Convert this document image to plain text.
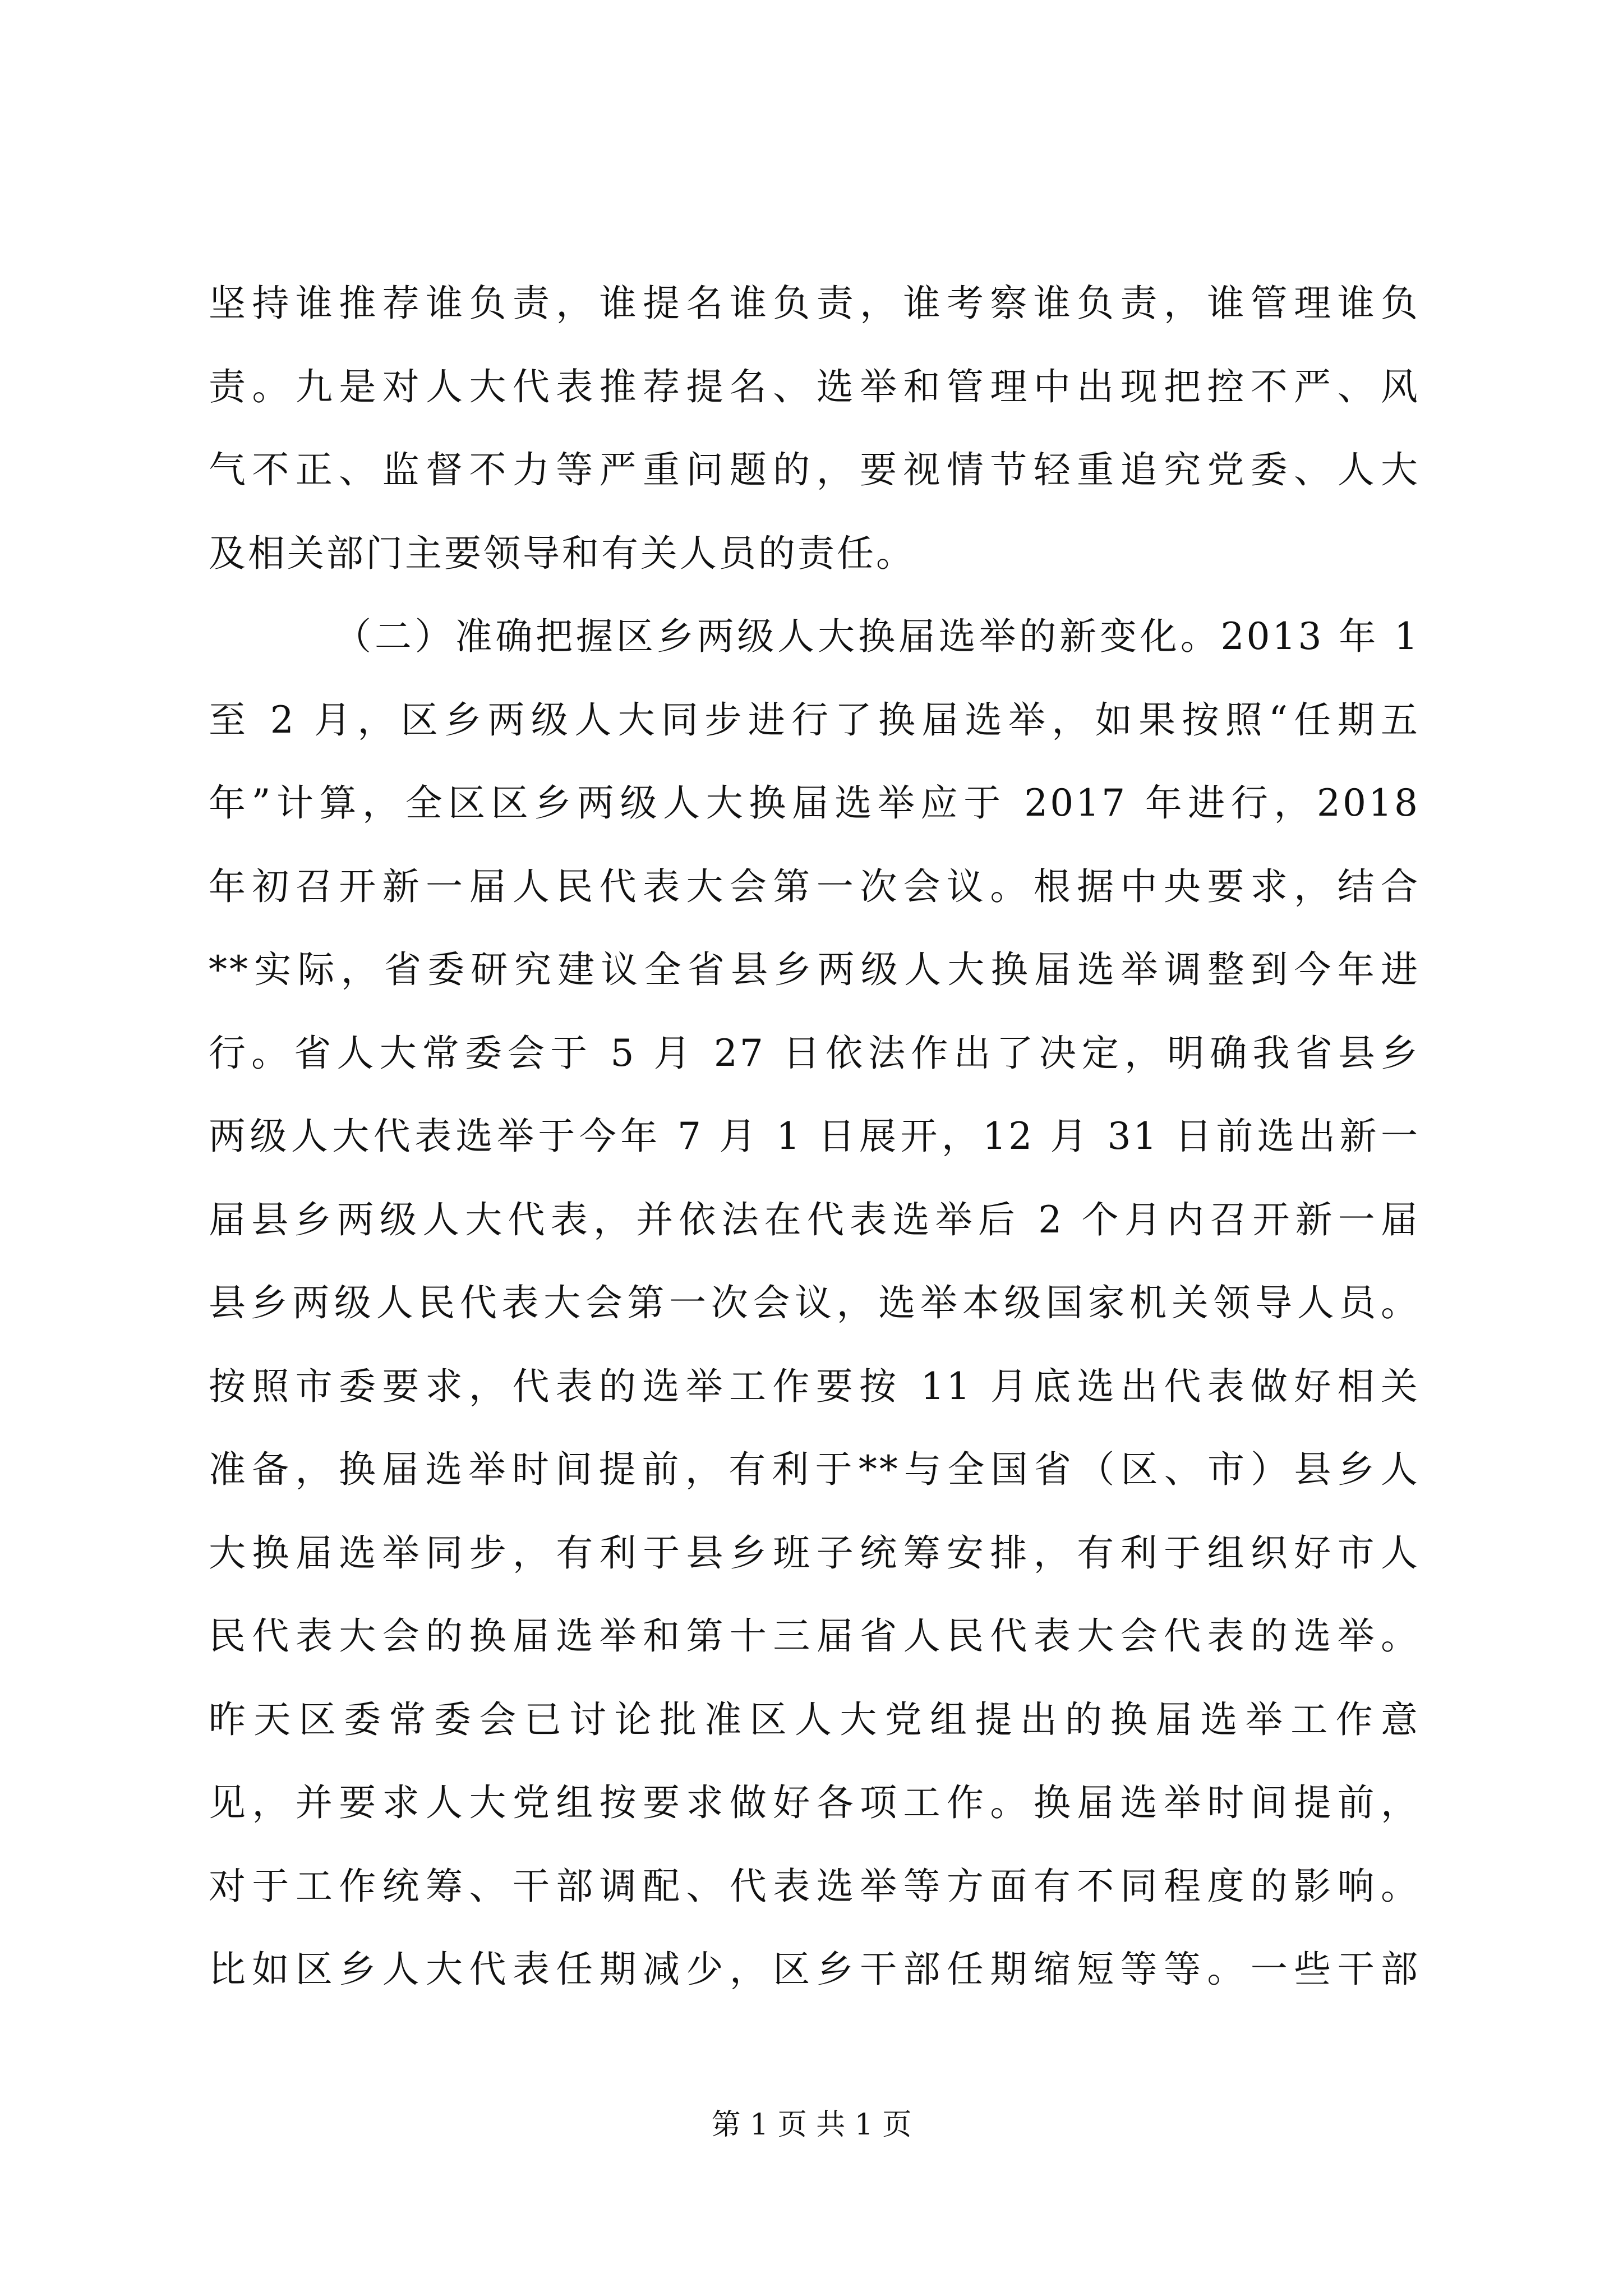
坚持谁推荐谁负责，谁提名谁负责，谁考察谁负责，谁管理谁负
责。九是对人大代表推荐提名、选举和管理中出现把控不严、风
气不正、监督不力等严重问题的，要视情节轻重追究党委、人大
及相关部门主要领导和有关人员的责任。
（二）准确把握区乡两级人大换届选举的新变化。2013 年 1
至 2 月，区乡两级人大同步进行了换届选举，如果按照“任期五
年”计算，全区区乡两级人大换届选举应于 2017 年进行，2018
年初召开新一届人民代表大会第一次会议。根据中央要求，结合
**实际，省委研究建议全省县乡两级人大换届选举调整到今年进
行。省人大常委会于 5 月 27 日依法作出了决定，明确我省县乡
两级人大代表选举于今年 7 月 1 日展开，12 月 31 日前选出新一
届县乡两级人大代表，并依法在代表选举后 2 个月内召开新一届
县乡两级人民代表大会第一次会议，选举本级国家机关领导人员。
按照市委要求，代表的选举工作要按 11 月底选出代表做好相关
准备，换届选举时间提前，有利于**与全国省（区、市）县乡人
大换届选举同步，有利于县乡班子统筹安排，有利于组织好市人
民代表大会的换届选举和第十三届省人民代表大会代表的选举。
昨天区委常委会已讨论批准区人大党组提出的换届选举工作意
见，并要求人大党组按要求做好各项工作。换届选举时间提前，
对于工作统筹、干部调配、代表选举等方面有不同程度的影响。
比如区乡人大代表任期减少，区乡干部任期缩短等等。一些干部
第 1 页 共 1 页
